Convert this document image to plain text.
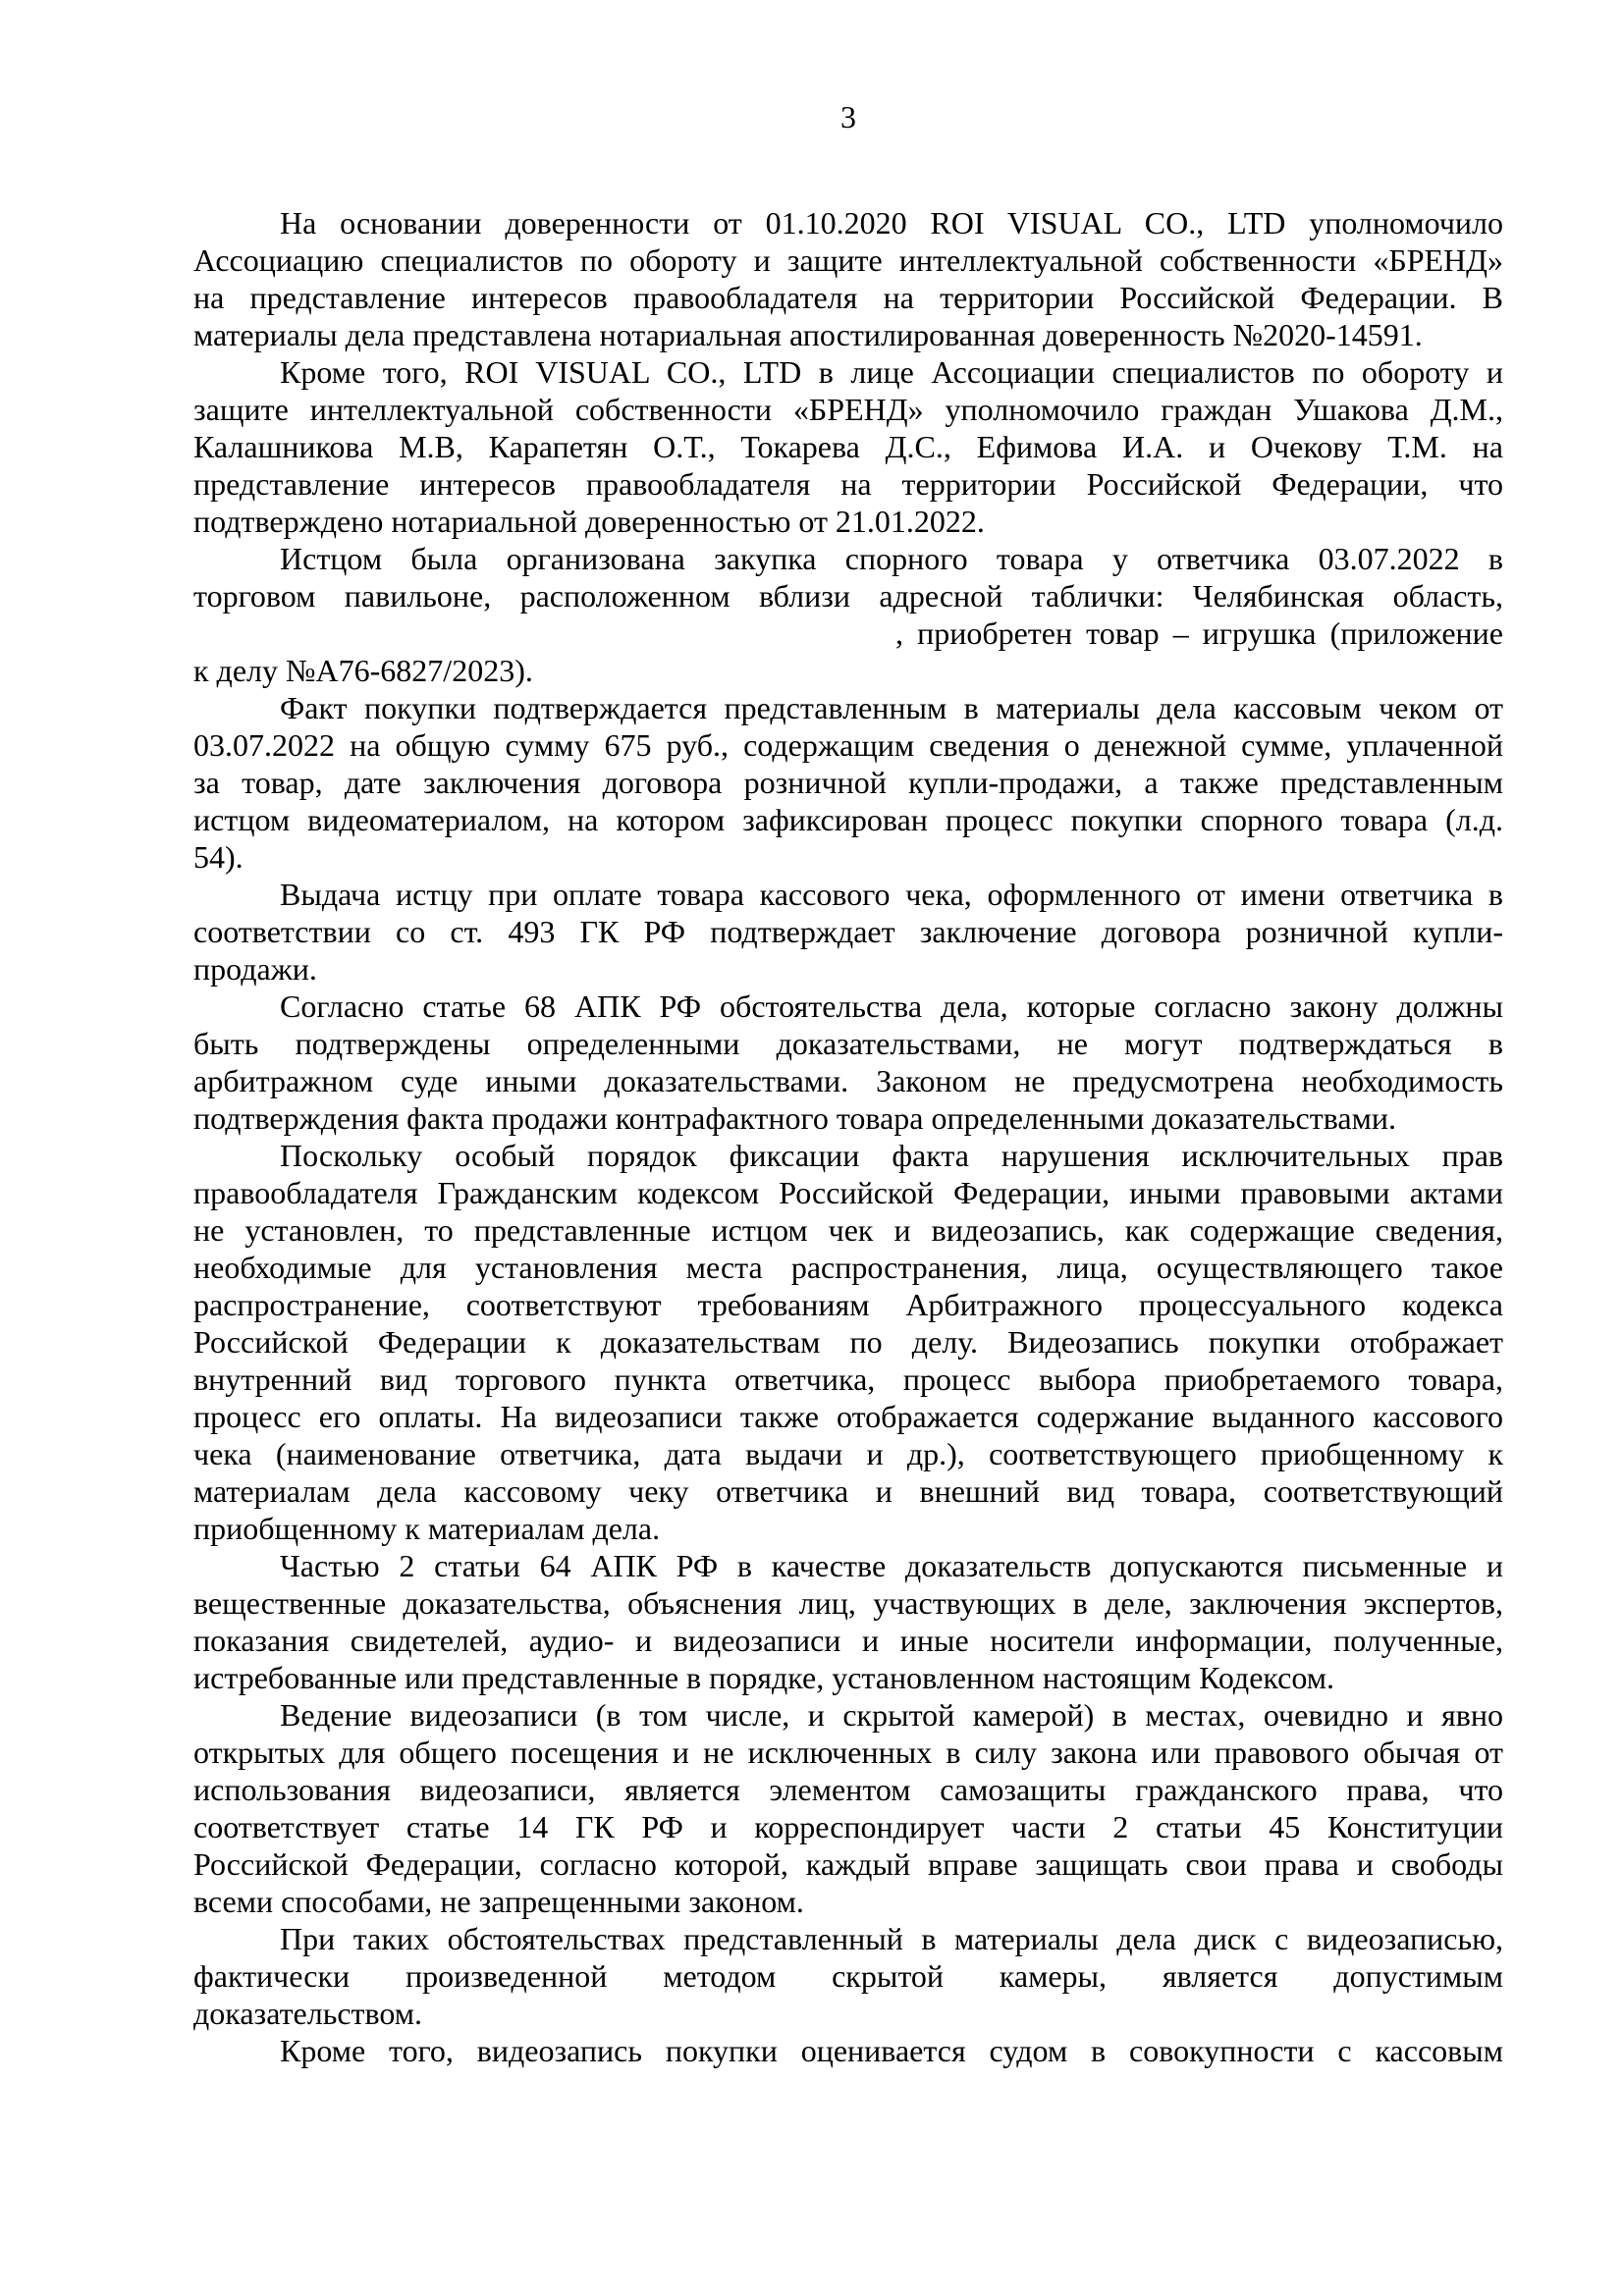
3
На основании доверенности от 01.10.2020 ROI VISUAL CO., LTD уполномочило
Ассоциацию специалистов по обороту и защите интеллектуальной собственности «БРЕНД»
на представление интересов правообладателя на территории Российской Федерации. В
материалы дела представлена нотариальная апостилированная доверенность №2020-14591.
Кроме того, ROI VISUAL CO., LTD в лице Ассоциации специалистов по обороту и
защите интеллектуальной собственности «БРЕНД» уполномочило граждан Ушакова Д.М.,
Калашникова М.В, Карапетян О.Т., Токарева Д.С., Ефимова И.А. и Очекову Т.М. на
представление интересов правообладателя на территории Российской Федерации, что
подтверждено нотариальной доверенностью от 21.01.2022.
Истцом была организована закупка спорного товара у ответчика 03.07.2022 в
торговом павильоне, расположенном вблизи адресной таблички: Челябинская область,
, приобретен товар – игрушка (приложение
к делу №А76-6827/2023).
Факт покупки подтверждается представленным в материалы дела кассовым чеком от
03.07.2022 на общую сумму 675 руб., содержащим сведения о денежной сумме, уплаченной
за товар, дате заключения договора розничной купли-продажи, а также представленным
истцом видеоматериалом, на котором зафиксирован процесс покупки спорного товара (л.д.
54).
Выдача истцу при оплате товара кассового чека, оформленного от имени ответчика в
соответствии со ст. 493 ГК РФ подтверждает заключение договора розничной купли-
продажи.
Согласно статье 68 АПК РФ обстоятельства дела, которые согласно закону должны
быть подтверждены определенными доказательствами, не могут подтверждаться в
арбитражном суде иными доказательствами. Законом не предусмотрена необходимость
подтверждения факта продажи контрафактного товара определенными доказательствами.
Поскольку особый порядок фиксации факта нарушения исключительных прав
правообладателя Гражданским кодексом Российской Федерации, иными правовыми актами
не установлен, то представленные истцом чек и видеозапись, как содержащие сведения,
необходимые для установления места распространения, лица, осуществляющего такое
распространение, соответствуют требованиям Арбитражного процессуального кодекса
Российской Федерации к доказательствам по делу. Видеозапись покупки отображает
внутренний вид торгового пункта ответчика, процесс выбора приобретаемого товара,
процесс его оплаты. На видеозаписи также отображается содержание выданного кассового
чека (наименование ответчика, дата выдачи и др.), соответствующего приобщенному к
материалам дела кассовому чеку ответчика и внешний вид товара, соответствующий
приобщенному к материалам дела.
Частью 2 статьи 64 АПК РФ в качестве доказательств допускаются письменные и
вещественные доказательства, объяснения лиц, участвующих в деле, заключения экспертов,
показания свидетелей, аудио- и видеозаписи и иные носители информации, полученные,
истребованные или представленные в порядке, установленном настоящим Кодексом.
Ведение видеозаписи (в том числе, и скрытой камерой) в местах, очевидно и явно
открытых для общего посещения и не исключенных в силу закона или правового обычая от
использования видеозаписи, является элементом самозащиты гражданского права, что
соответствует статье 14 ГК РФ и корреспондирует части 2 статьи 45 Конституции
Российской Федерации, согласно которой, каждый вправе защищать свои права и свободы
всеми способами, не запрещенными законом.
При таких обстоятельствах представленный в материалы дела диск с видеозаписью,
фактически произведенной методом скрытой камеры, является допустимым
доказательством.
Кроме того, видеозапись покупки оценивается судом в совокупности с кассовым
